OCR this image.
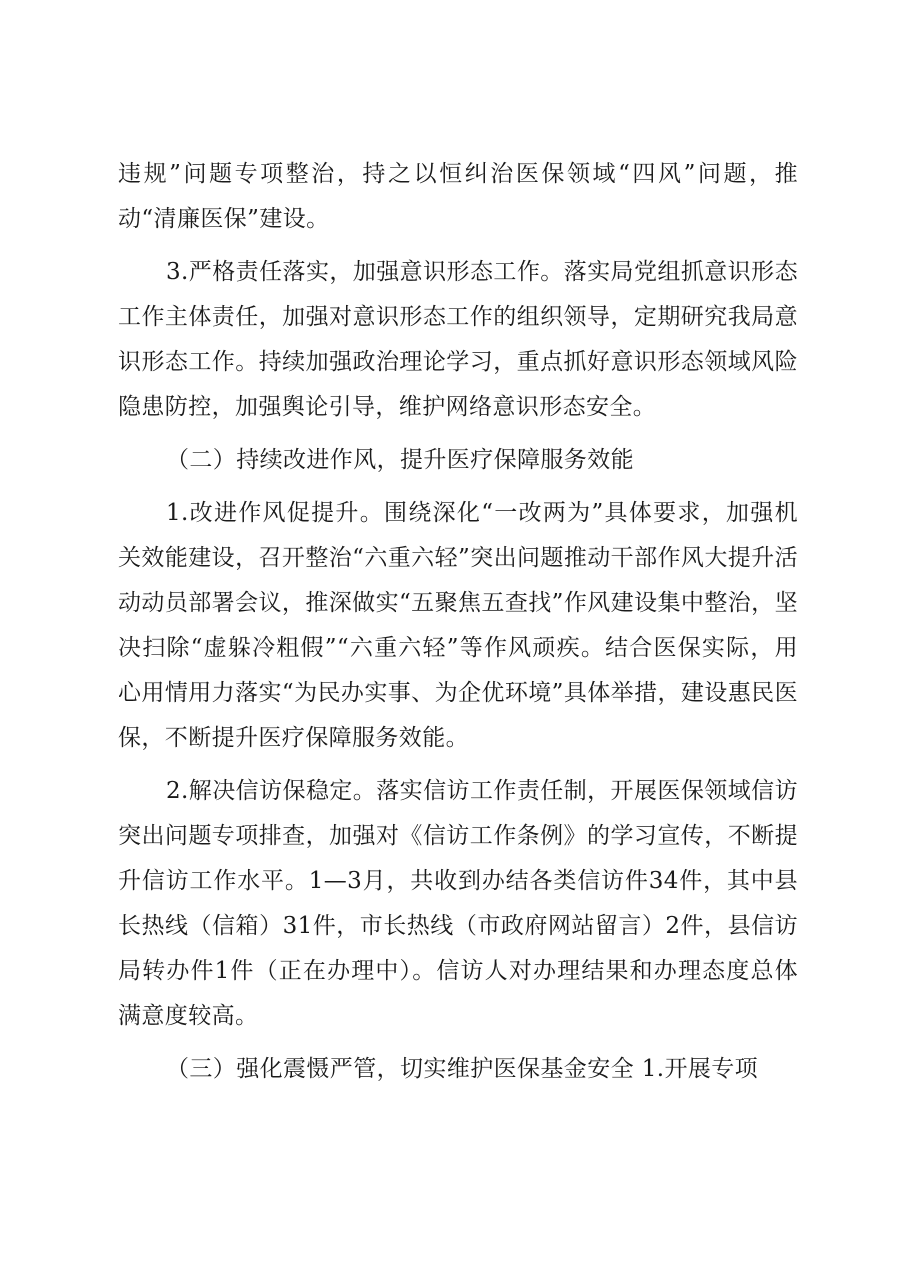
违规”问题专项整治，持之以恒纠治医保领域“四风”问题，推动“清廉医保”建设。

3.严格责任落实，加强意识形态工作。落实局党组抓意识形态工作主体责任，加强对意识形态工作的组织领导，定期研究我局意识形态工作。持续加强政治理论学习，重点抓好意识形态领域风险隐患防控，加强舆论引导，维护网络意识形态安全。

（二）持续改进作风，提升医疗保障服务效能

1.改进作风促提升。围绕深化“一改两为”具体要求，加强机关效能建设，召开整治“六重六轻”突出问题推动干部作风大提升活动动员部署会议，推深做实“五聚焦五查找”作风建设集中整治，坚决扫除“虚躲冷粗假”“六重六轻”等作风顽疾。结合医保实际，用心用情用力落实“为民办实事、为企优环境”具体举措，建设惠民医保，不断提升医疗保障服务效能。

2.解决信访保稳定。落实信访工作责任制，开展医保领域信访突出问题专项排查，加强对《信访工作条例》的学习宣传，不断提升信访工作水平。1—3月，共收到办结各类信访件34件，其中县长热线（信箱）31件，市长热线（市政府网站留言）2件，县信访局转办件1件（正在办理中）。信访人对办理结果和办理态度总体满意度较高。

（三）强化震慑严管，切实维护医保基金安全 1.开展专项
